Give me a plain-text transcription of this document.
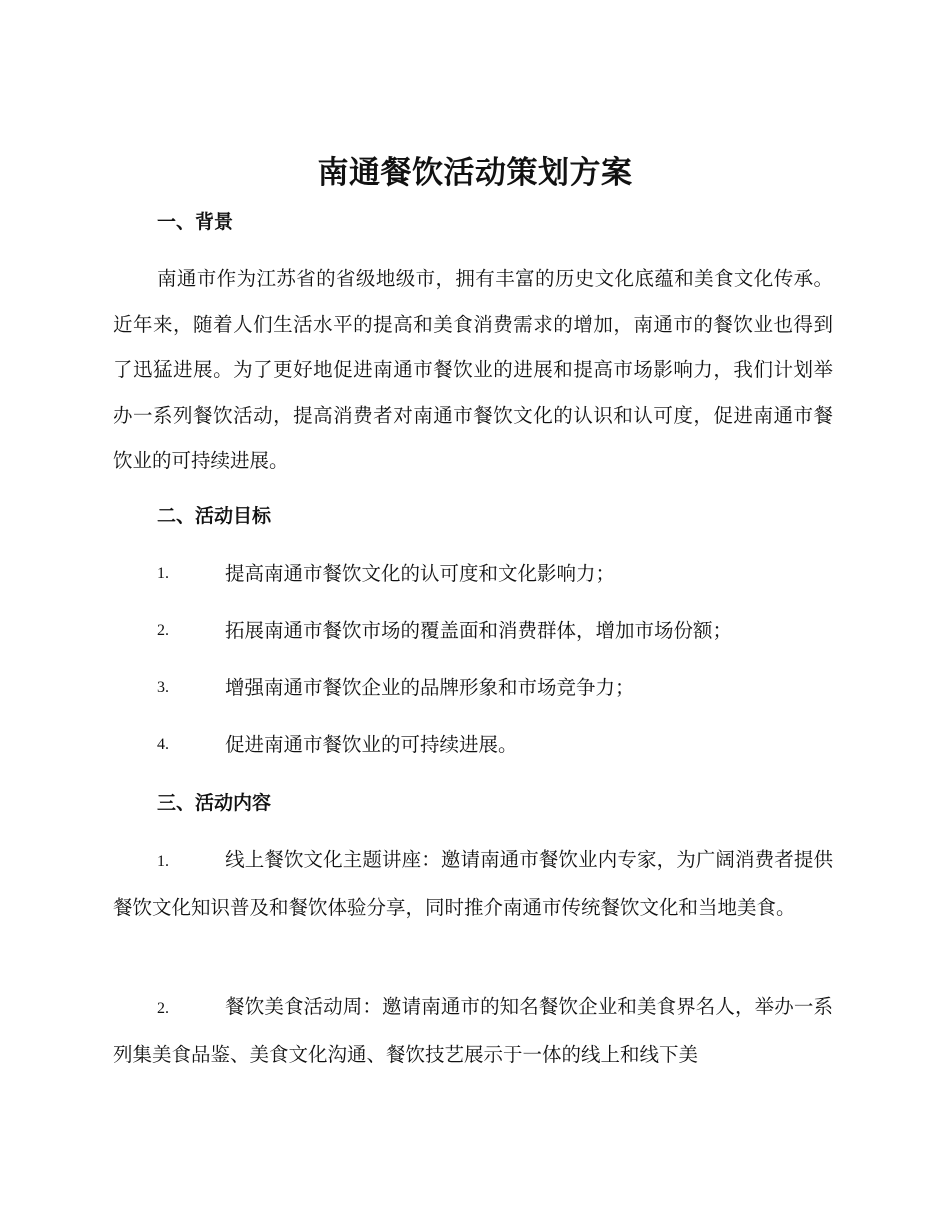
南通餐饮活动策划方案
一、背景

南通市作为江苏省的省级地级市，拥有丰富的历史文化底蕴和美食文化传承。近年来，随着人们生活水平的提高和美食消费需求的增加，南通市的餐饮业也得到了迅猛进展。为了更好地促进南通市餐饮业的进展和提高市场影响力，我们计划举办一系列餐饮活动，提高消费者对南通市餐饮文化的认识和认可度，促进南通市餐饮业的可持续进展。

二、活动目标
1.	提高南通市餐饮文化的认可度和文化影响力；
2.	拓展南通市餐饮市场的覆盖面和消费群体，增加市场份额；
3.	增强南通市餐饮企业的品牌形象和市场竞争力；
4.	促进南通市餐饮业的可持续进展。
三、活动内容

1.	线上餐饮文化主题讲座：邀请南通市餐饮业内专家，为广阔消费者提供餐饮文化知识普及和餐饮体验分享，同时推介南通市传统餐饮文化和当地美食。

2.	餐饮美食活动周：邀请南通市的知名餐饮企业和美食界名人，举办一系列集美食品鉴、美食文化沟通、餐饮技艺展示于一体的线上和线下美
